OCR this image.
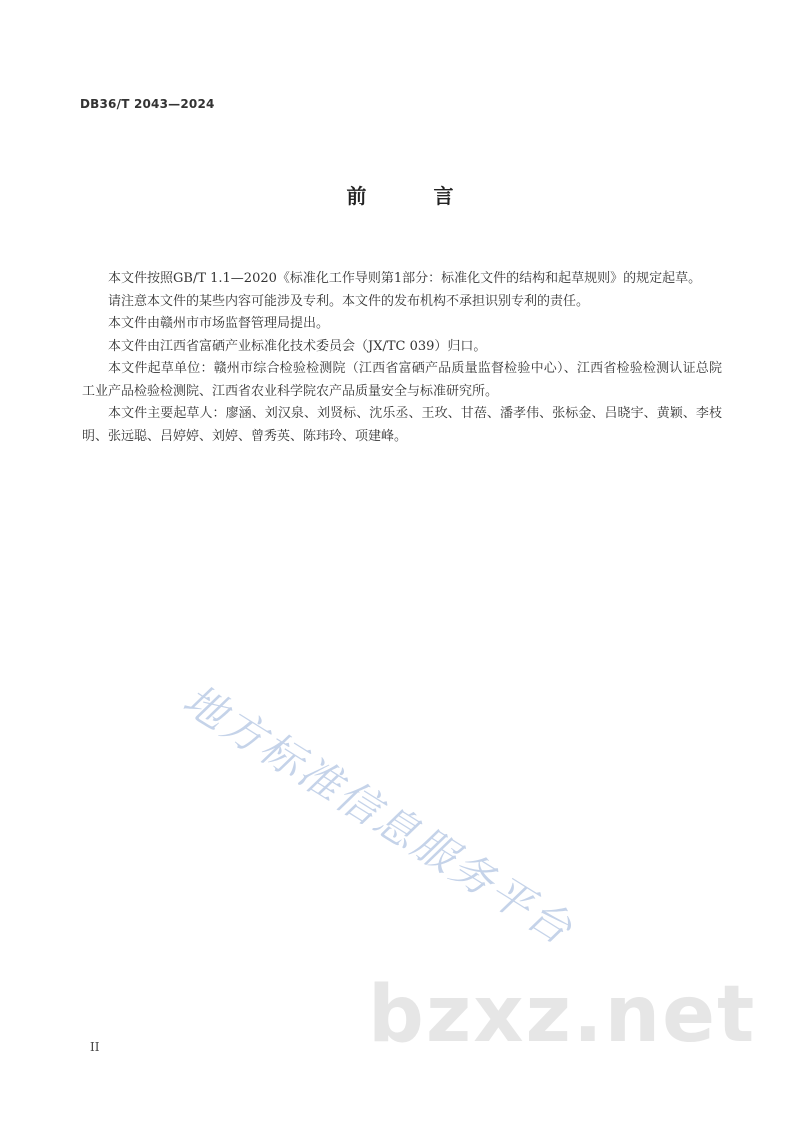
DB36/T 2043—2024
前 言

本文件按照GB/T 1.1—2020《标准化工作导则第1部分：标准化文件的结构和起草规则》的规定起草。

请注意本文件的某些内容可能涉及专利。本文件的发布机构不承担识别专利的责任。

本文件由赣州市市场监督管理局提出。

本文件由江西省富硒产业标准化技术委员会（JX/TC 039）归口。

本文件起草单位：赣州市综合检验检测院（江西省富硒产品质量监督检验中心）、江西省检验检测认证总院工业产品检验检测院、江西省农业科学院农产品质量安全与标准研究所。

本文件主要起草人：廖涵、刘汉泉、刘贤标、沈乐丞、王玫、甘蓓、潘孝伟、张标金、吕晓宇、黄颖、李枝明、张远聪、吕婷婷、刘婷、曾秀英、陈玮玲、项建峰。

地方标准信息服务平台
bzxz.net
II
